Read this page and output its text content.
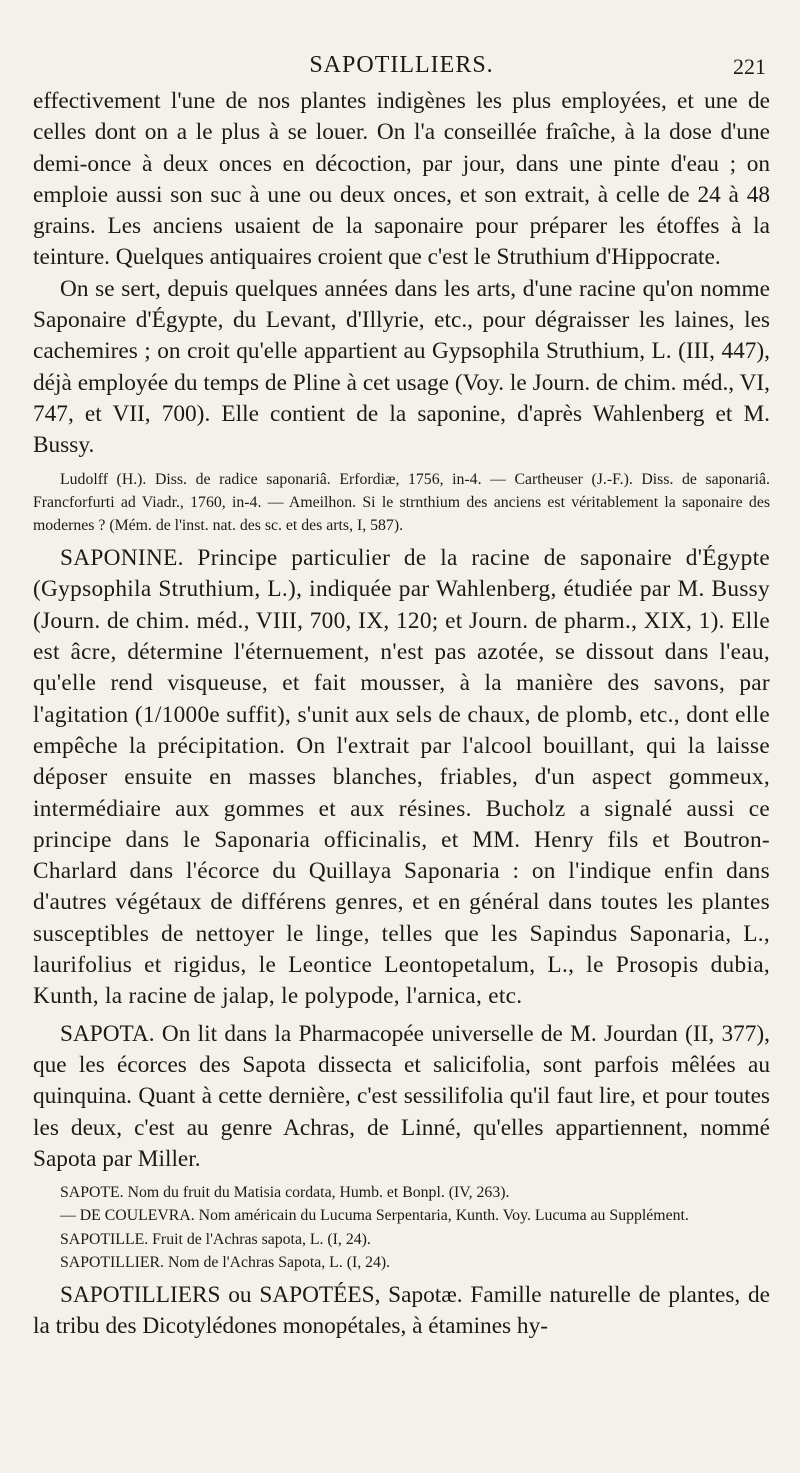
SAPOTILLIERS.	221

effectivement l'une de nos plantes indigènes les plus employées, et une de celles dont on a le plus à se louer. On l'a conseillée fraîche, à la dose d'une demi-once à deux onces en décoction, par jour, dans une pinte d'eau ; on emploie aussi son suc à une ou deux onces, et son extrait, à celle de 24 à 48 grains. Les anciens usaient de la saponaire pour préparer les étoffes à la teinture. Quelques antiquaires croient que c'est le Struthium d'Hippocrate.

On se sert, depuis quelques années dans les arts, d'une racine qu'on nomme Saponaire d'Égypte, du Levant, d'Illyrie, etc., pour dégraisser les laines, les cachemires ; on croit qu'elle appartient au Gypsophila Struthium, L. (III, 447), déjà employée du temps de Pline à cet usage (Voy. le Journ. de chim. méd., VI, 747, et VII, 700). Elle contient de la saponine, d'après Wahlenberg et M. Bussy.

Ludolff (H.). Diss. de radice saponariâ. Erfordiæ, 1756, in-4. — Cartheuser (J.-F.). Diss. de saponariâ. Francforfurti ad Viadr., 1760, in-4. — Ameilhon. Si le strnthium des anciens est véritablement la saponaire des modernes ? (Mém. de l'inst. nat. des sc. et des arts, I, 587).

SAPONINE. Principe particulier de la racine de saponaire d'Égypte (Gypsophila Struthium, L.), indiquée par Wahlenberg, étudiée par M. Bussy (Journ. de chim. méd., VIII, 700, IX, 120; et Journ. de pharm., XIX, 1). Elle est âcre, détermine l'éternuement, n'est pas azotée, se dissout dans l'eau, qu'elle rend visqueuse, et fait mousser, à la manière des savons, par l'agitation (1/1000e suffit), s'unit aux sels de chaux, de plomb, etc., dont elle empêche la précipitation. On l'extrait par l'alcool bouillant, qui la laisse déposer ensuite en masses blanches, friables, d'un aspect gommeux, intermédiaire aux gommes et aux résines. Bucholz a signalé aussi ce principe dans le Saponaria officinalis, et MM. Henry fils et Boutron-Charlard dans l'écorce du Quillaya Saponaria : on l'indique enfin dans d'autres végétaux de différens genres, et en général dans toutes les plantes susceptibles de nettoyer le linge, telles que les Sapindus Saponaria, L., laurifolius et rigidus, le Leontice Leontopetalum, L., le Prosopis dubia, Kunth, la racine de jalap, le polypode, l'arnica, etc.

SAPOTA. On lit dans la Pharmacopée universelle de M. Jourdan (II, 377), que les écorces des Sapota dissecta et salicifolia, sont parfois mêlées au quinquina. Quant à cette dernière, c'est sessilifolia qu'il faut lire, et pour toutes les deux, c'est au genre Achras, de Linné, qu'elles appartiennent, nommé Sapota par Miller.

SAPOTE. Nom du fruit du Matisia cordata, Humb. et Bonpl. (IV, 263).

— DE COULEVRA. Nom américain du Lucuma Serpentaria, Kunth. Voy. Lucuma au Supplément.

SAPOTILLE. Fruit de l'Achras sapota, L. (I, 24).

SAPOTILLIER. Nom de l'Achras Sapota, L. (I, 24).

SAPOTILLIERS ou SAPOTÉES, Sapotæ. Famille naturelle de plantes, de la tribu des Dicotylédones monopétales, à étamines hy-
